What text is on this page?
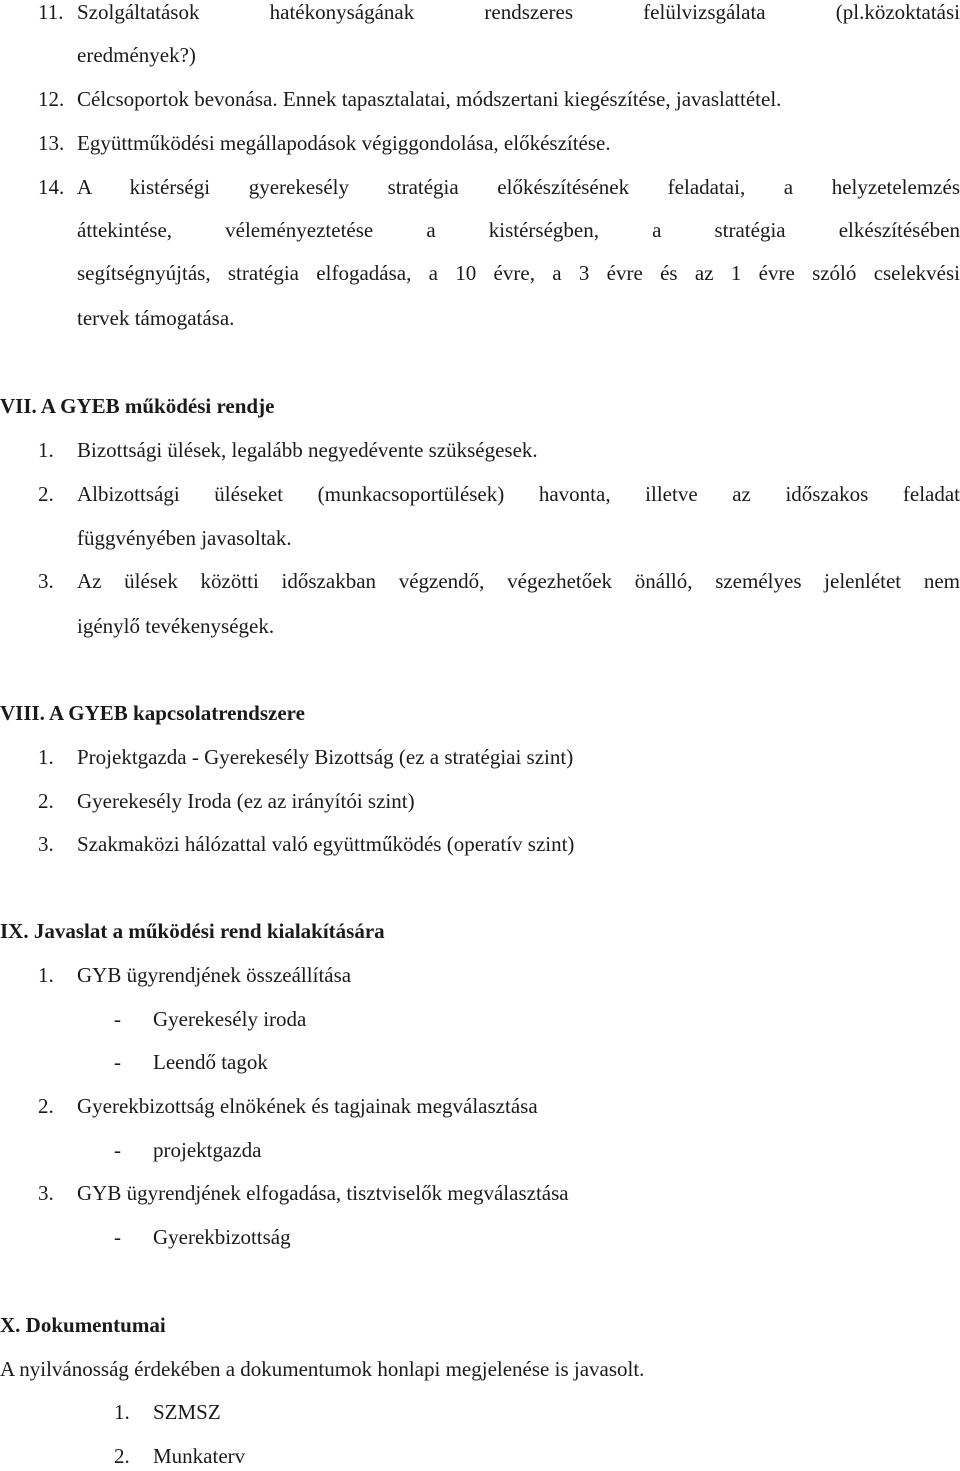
11. Szolgáltatások hatékonyságának rendszeres felülvizsgálata (pl.közoktatási
eredmények?)
12. Célcsoportok bevonása. Ennek tapasztalatai, módszertani kiegészítése, javaslattétel.
13. Együttműködési megállapodások végiggondolása, előkészítése.
14. A kistérségi gyerekesély stratégia előkészítésének feladatai, a helyzetelemzés
áttekintése, véleményeztetése a kistérségben, a stratégia elkészítésében
segítségnyújtás, stratégia elfogadása, a 10 évre, a 3 évre és az 1 évre szóló cselekvési
tervek támogatása.
VII. A GYEB működési rendje
1. Bizottsági ülések, legalább negyedévente szükségesek.
2. Albizottsági üléseket (munkacsoportülések) havonta, illetve az időszakos feladat
függvényében javasoltak.
3. Az ülések közötti időszakban végzendő, végezhetőek önálló, személyes jelenlétet nem
igénylő tevékenységek.
VIII. A GYEB kapcsolatrendszere
1. Projektgazda - Gyerekesély Bizottság (ez a stratégiai szint)
2. Gyerekesély Iroda (ez az irányítói szint)
3. Szakmaközi hálózattal való együttműködés (operatív szint)
IX. Javaslat a működési rend kialakítására
1. GYB ügyrendjének összeállítása
- Gyerekesély iroda
- Leendő tagok
2. Gyerekbizottság elnökének és tagjainak megválasztása
- projektgazda
3. GYB ügyrendjének elfogadása, tisztviselők megválasztása
- Gyerekbizottság
X. Dokumentumai
A nyilvánosság érdekében a dokumentumok honlapi megjelenése is javasolt.
1. SZMSZ
2. Munkaterv
